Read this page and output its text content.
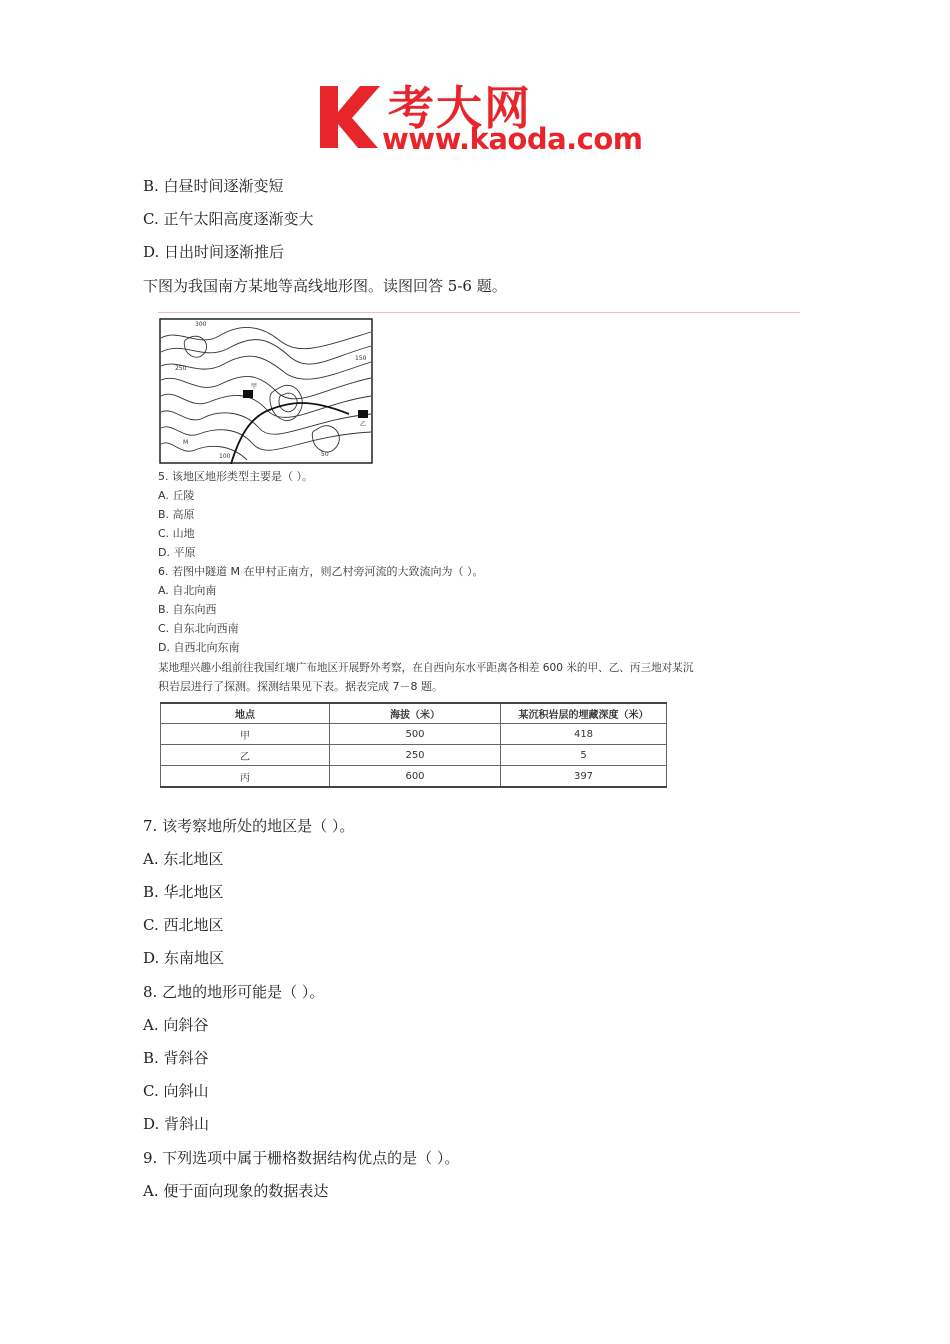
考大网
www.kaoda.com
B. 白昼时间逐渐变短
C. 正午太阳高度逐渐变大
D. 日出时间逐渐推后
下图为我国南方某地等高线地形图。读图回答 5-6 题。
300
150
250
甲
M
100	50
乙
5. 该地区地形类型主要是（ ）。
A. 丘陵
B. 高原
C. 山地
D. 平原
6. 若图中隧道 M 在甲村正南方，则乙村旁河流的大致流向为（ ）。
A. 自北向南
B. 自东向西
C. 自东北向西南
D. 自西北向东南
某地理兴趣小组前往我国红壤广布地区开展野外考察，在自西向东水平距离各相差 600 米的甲、乙、丙三地对某沉
积岩层进行了探测。探测结果见下表。据表完成 7－8 题。
地点	海拔（米）	某沉积岩层的埋藏深度（米）
甲	500	418
乙	250	5
丙	600	397
7. 该考察地所处的地区是（ ）。
A. 东北地区
B. 华北地区
C. 西北地区
D. 东南地区
8. 乙地的地形可能是（ ）。
A. 向斜谷
B. 背斜谷
C. 向斜山
D. 背斜山
9. 下列选项中属于栅格数据结构优点的是（ ）。
A. 便于面向现象的数据表达
